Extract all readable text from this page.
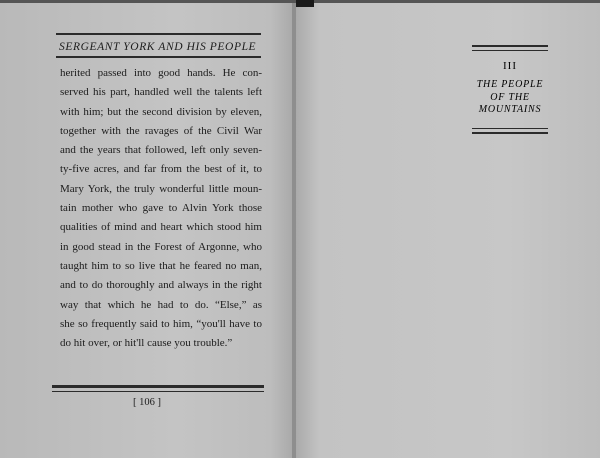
SERGEANT YORK AND HIS PEOPLE
herited passed into good hands. He con-
served his part, handled well the talents left
with him; but the second division by eleven,
together with the ravages of the Civil War
and the years that followed, left only seven-
ty-five acres, and far from the best of it, to
Mary York, the truly wonderful little moun-
tain mother who gave to Alvin York those
qualities of mind and heart which stood him
in good stead in the Forest of Argonne, who
taught him to so live that he feared no man,
and to do thoroughly and always in the right
way that which he had to do. “Else,” as
she so frequently said to him, “you'll have to
do hit over, or hit'll cause you trouble.”
[ 106 ]
III
THE PEOPLE
OF THE
MOUNTAINS
